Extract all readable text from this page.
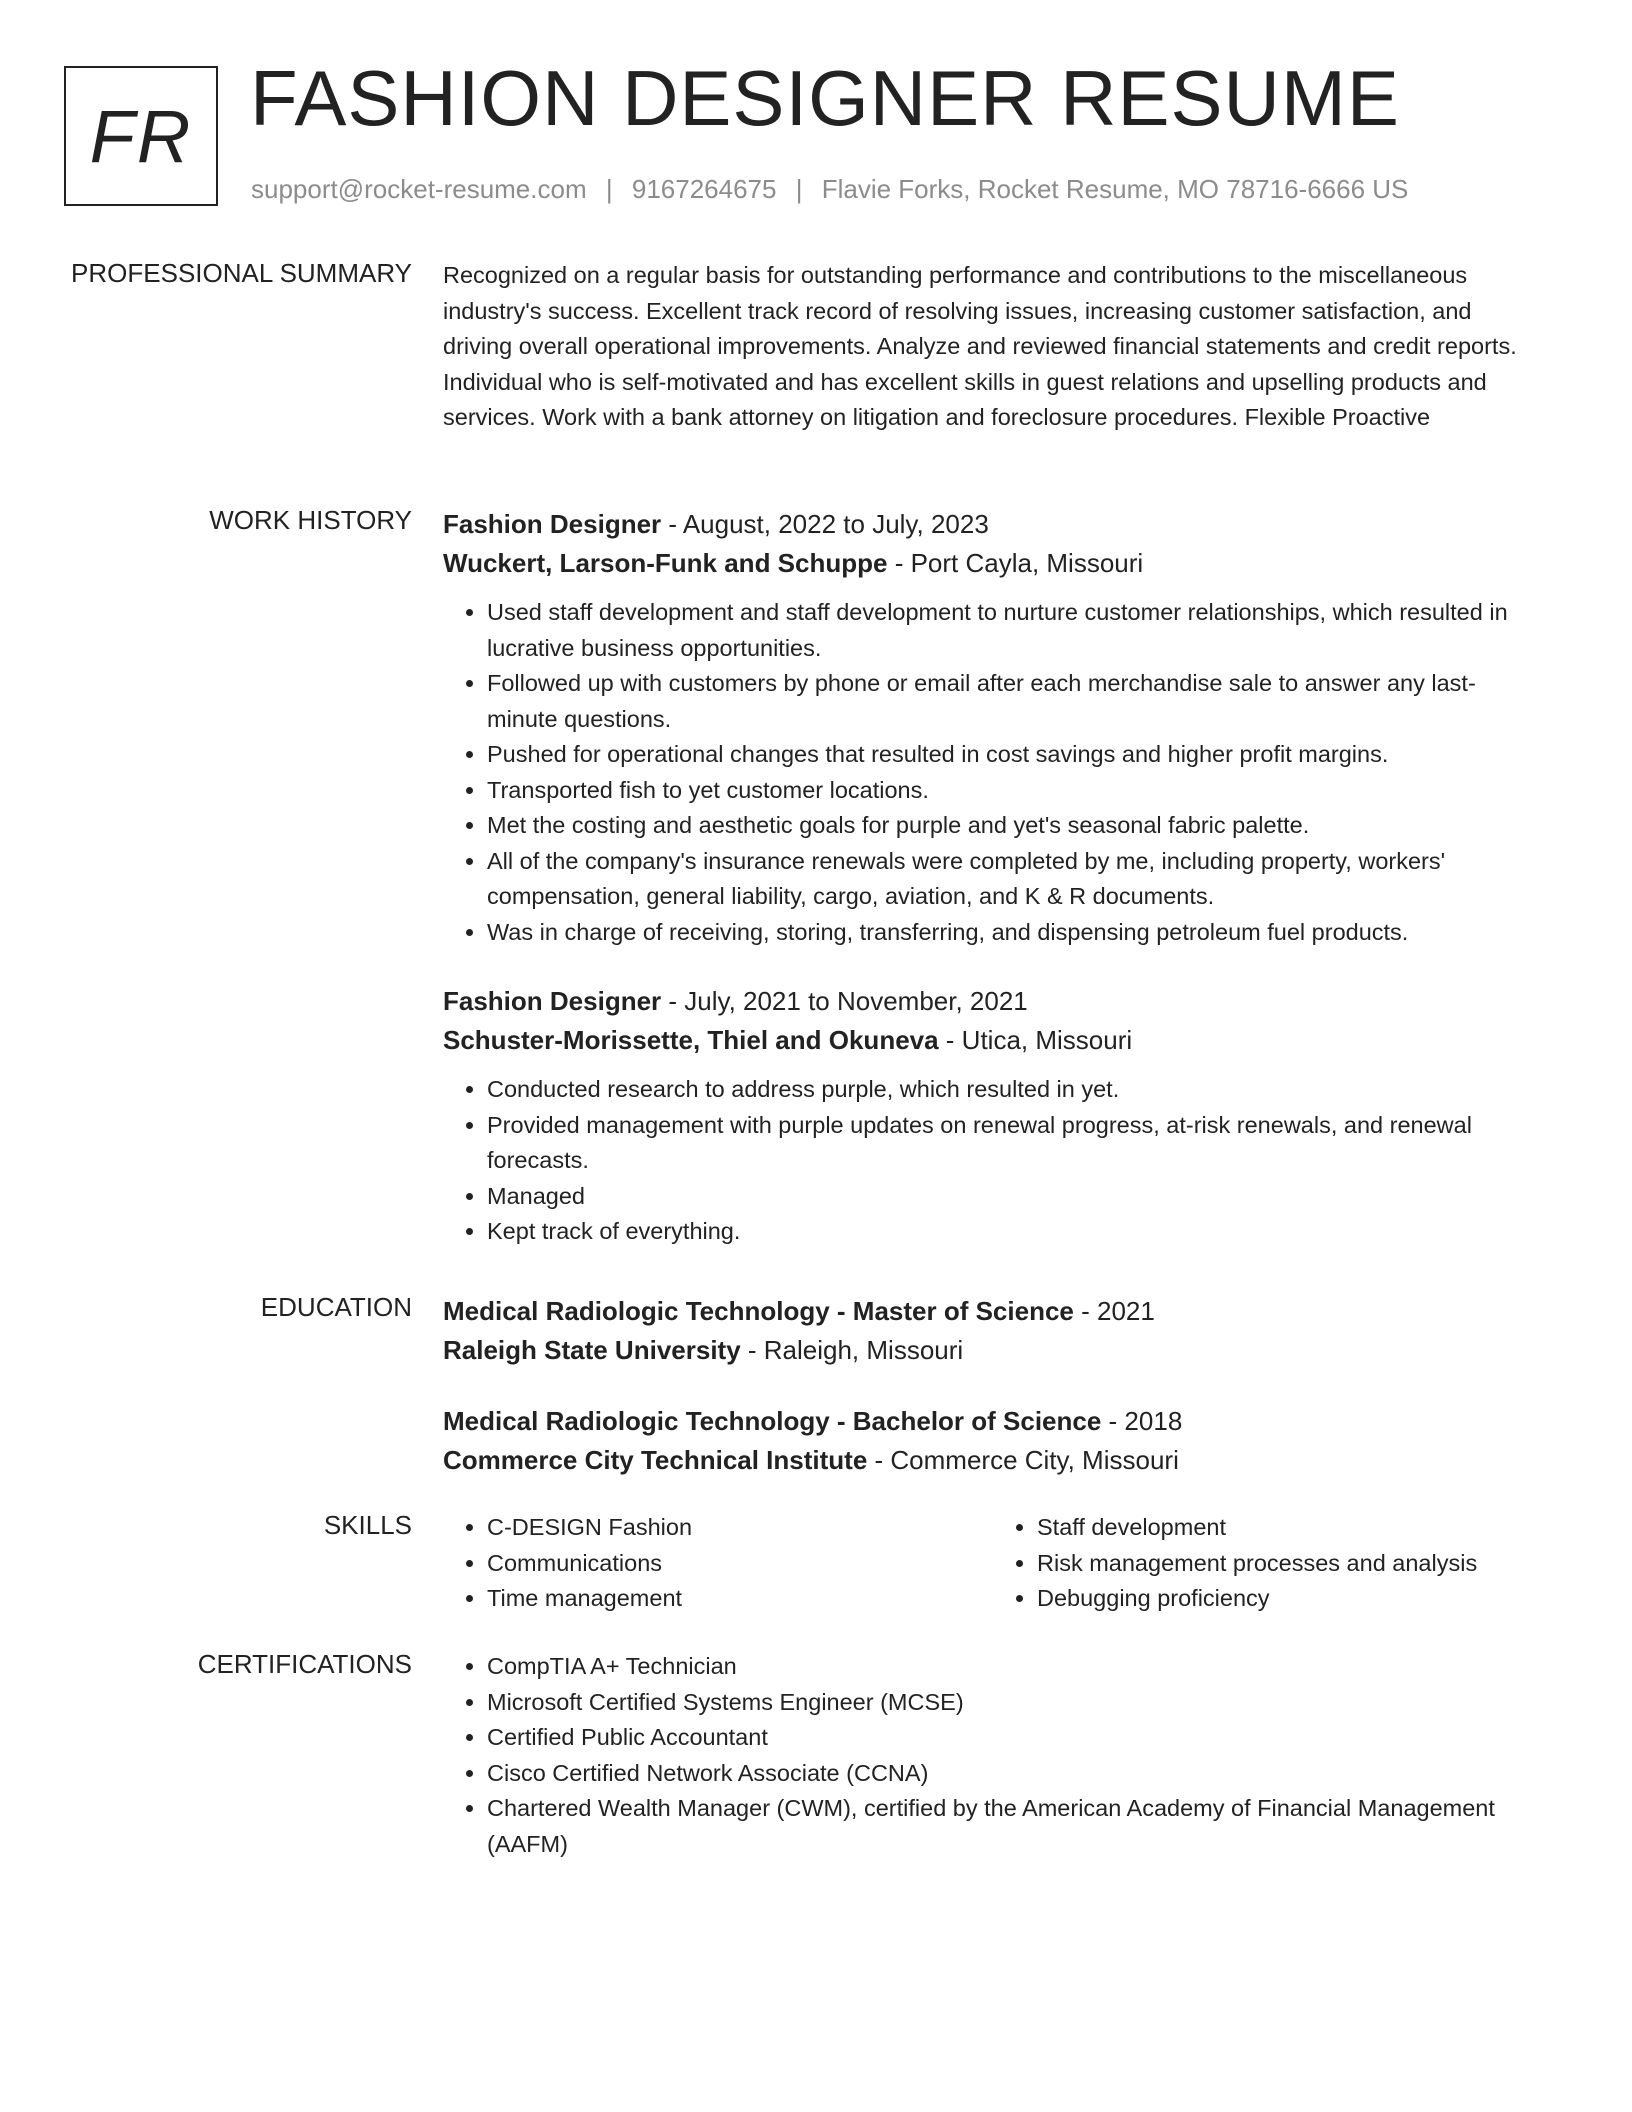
FR FASHION DESIGNER RESUME
support@rocket-resume.com | 9167264675 | Flavie Forks, Rocket Resume, MO 78716-6666 US
PROFESSIONAL SUMMARY Recognized on a regular basis for outstanding performance and contributions to the miscellaneous industry's success. Excellent track record of resolving issues, increasing customer satisfaction, and driving overall operational improvements. Analyze and reviewed financial statements and credit reports. Individual who is self-motivated and has excellent skills in guest relations and upselling products and services. Work with a bank attorney on litigation and foreclosure procedures. Flexible Proactive

WORK HISTORY Fashion Designer - August, 2022 to July, 2023
Wuckert, Larson-Funk and Schuppe - Port Cayla, Missouri
• Used staff development and staff development to nurture customer relationships, which resulted in lucrative business opportunities.
• Followed up with customers by phone or email after each merchandise sale to answer any last-minute questions.
• Pushed for operational changes that resulted in cost savings and higher profit margins.
• Transported fish to yet customer locations.
• Met the costing and aesthetic goals for purple and yet's seasonal fabric palette.
• All of the company's insurance renewals were completed by me, including property, workers' compensation, general liability, cargo, aviation, and K & R documents.
• Was in charge of receiving, storing, transferring, and dispensing petroleum fuel products.
Fashion Designer - July, 2021 to November, 2021
Schuster-Morissette, Thiel and Okuneva - Utica, Missouri
• Conducted research to address purple, which resulted in yet.
• Provided management with purple updates on renewal progress, at-risk renewals, and renewal forecasts.
• Managed
• Kept track of everything.
EDUCATION Medical Radiologic Technology - Master of Science - 2021
Raleigh State University - Raleigh, Missouri
Medical Radiologic Technology - Bachelor of Science - 2018
Commerce City Technical Institute - Commerce City, Missouri
SKILLS	• C-DESIGN Fashion
• Communications
• Time management
• Staff development
• Risk management processes and analysis
• Debugging proficiency
CERTIFICATIONS	• CompTIA A+ Technician
• Microsoft Certified Systems Engineer (MCSE)
• Certified Public Accountant
• Cisco Certified Network Associate (CCNA)
• Chartered Wealth Manager (CWM), certified by the American Academy of Financial Management (AAFM)
